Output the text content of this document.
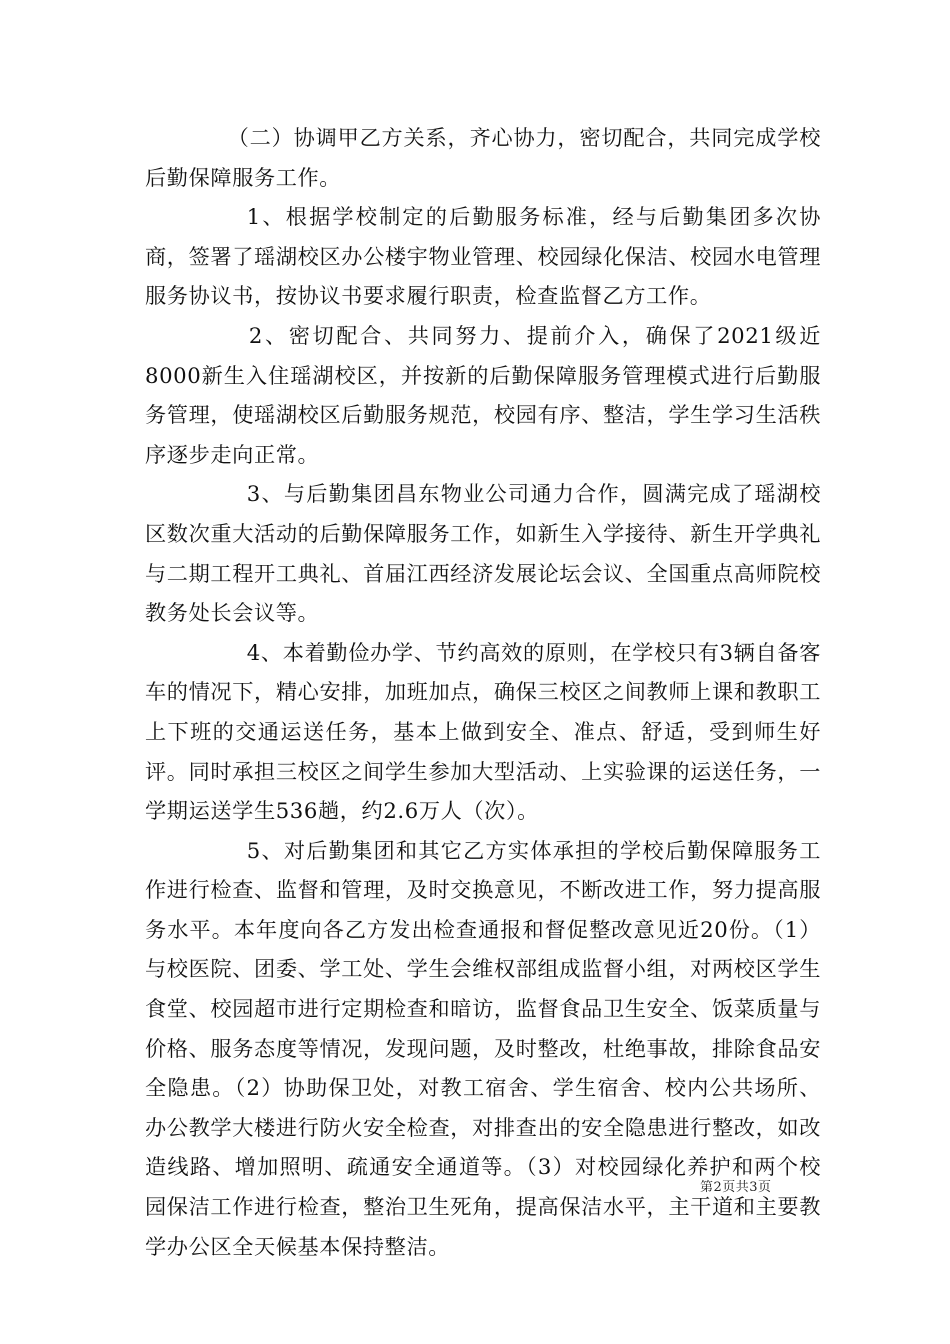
（二）协调甲乙方关系，齐心协力，密切配合，共同完成学校后勤保障服务工作。

1、根据学校制定的后勤服务标准，经与后勤集团多次协商，签署了瑶湖校区办公楼宇物业管理、校园绿化保洁、校园水电管理服务协议书，按协议书要求履行职责，检查监督乙方工作。

2、密切配合、共同努力、提前介入，确保了2021级近8000新生入住瑶湖校区，并按新的后勤保障服务管理模式进行后勤服务管理，使瑶湖校区后勤服务规范，校园有序、整洁，学生学习生活秩序逐步走向正常。

3、与后勤集团昌东物业公司通力合作，圆满完成了瑶湖校区数次重大活动的后勤保障服务工作，如新生入学接待、新生开学典礼与二期工程开工典礼、首届江西经济发展论坛会议、全国重点高师院校教务处长会议等。

4、本着勤俭办学、节约高效的原则，在学校只有3辆自备客车的情况下，精心安排，加班加点，确保三校区之间教师上课和教职工上下班的交通运送任务，基本上做到安全、准点、舒适，受到师生好评。同时承担三校区之间学生参加大型活动、上实验课的运送任务，一学期运送学生536趟，约2.6万人（次）。

5、对后勤集团和其它乙方实体承担的学校后勤保障服务工作进行检查、监督和管理，及时交换意见，不断改进工作，努力提高服务水平。本年度向各乙方发出检查通报和督促整改意见近20份。（1）与校医院、团委、学工处、学生会维权部组成监督小组，对两校区学生食堂、校园超市进行定期检查和暗访，监督食品卫生安全、饭菜质量与价格、服务态度等情况，发现问题，及时整改，杜绝事故，排除食品安全隐患。（2）协助保卫处，对教工宿舍、学生宿舍、校内公共场所、办公教学大楼进行防火安全检查，对排查出的安全隐患进行整改，如改造线路、增加照明、疏通安全通道等。（3）对校园绿化养护和两个校园保洁工作进行检查，整治卫生死角，提高保洁水平，主干道和主要教学办公区全天候基本保持整洁。

第2页共3页
